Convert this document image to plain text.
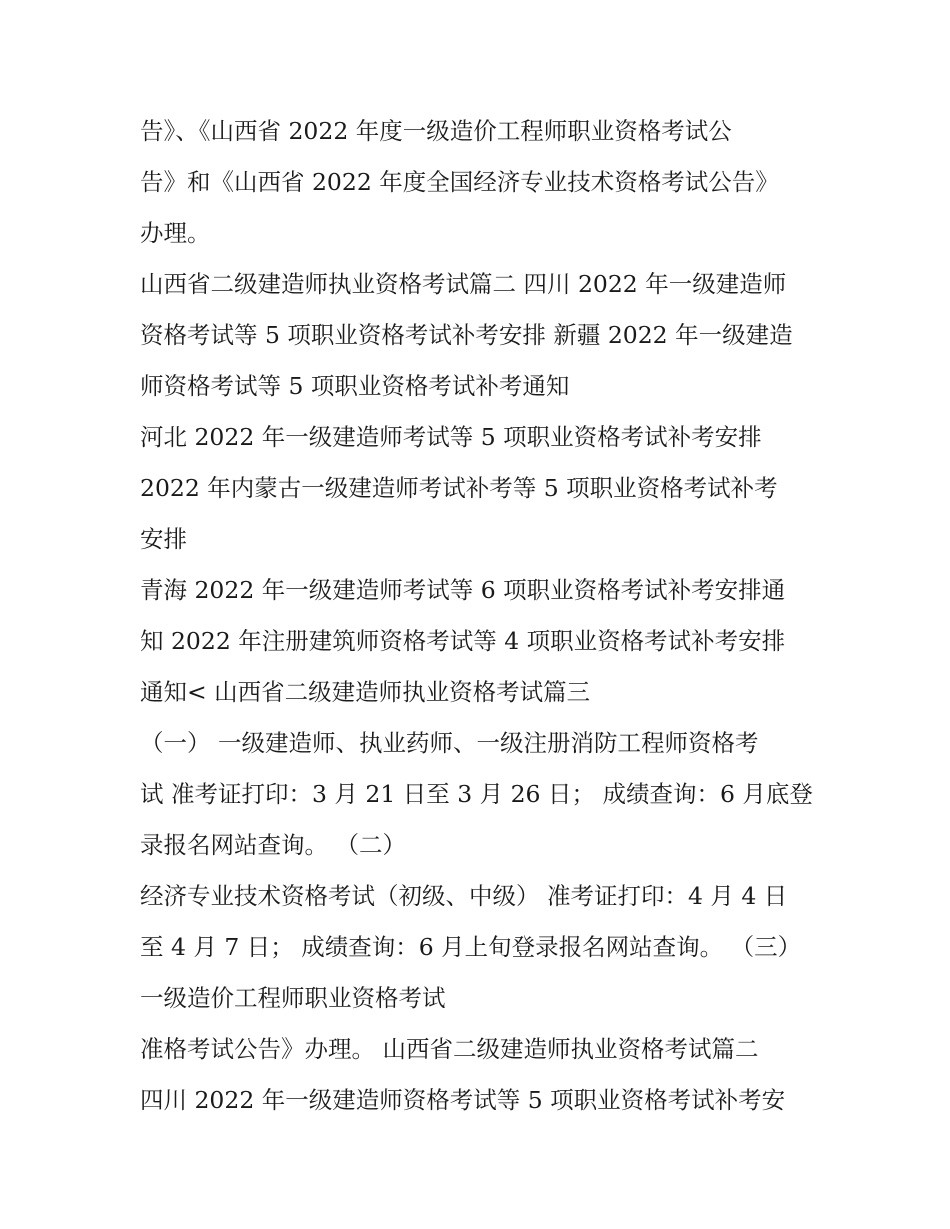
告》、《山西省 2022 年度一级造价工程师职业资格考试公
告》和《山西省 2022 年度全国经济专业技术资格考试公告》
办理。
山西省二级建造师执业资格考试篇二 四川 2022 年一级建造师
资格考试等 5 项职业资格考试补考安排 新疆 2022 年一级建造
师资格考试等 5 项职业资格考试补考通知
河北 2022 年一级建造师考试等 5 项职业资格考试补考安排
2022 年内蒙古一级建造师考试补考等 5 项职业资格考试补考
安排
青海 2022 年一级建造师考试等 6 项职业资格考试补考安排通
知 2022 年注册建筑师资格考试等 4 项职业资格考试补考安排
通知< 山西省二级建造师执业资格考试篇三
（一） 一级建造师、执业药师、一级注册消防工程师资格考
试 准考证打印：3 月 21 日至 3 月 26 日； 成绩查询：6 月底登
录报名网站查询。 （二）
经济专业技术资格考试（初级、中级） 准考证打印：4 月 4 日
至 4 月 7 日； 成绩查询：6 月上旬登录报名网站查询。 （三）
一级造价工程师职业资格考试
准格考试公告》办理。 山西省二级建造师执业资格考试篇二
四川 2022 年一级建造师资格考试等 5 项职业资格考试补考安
